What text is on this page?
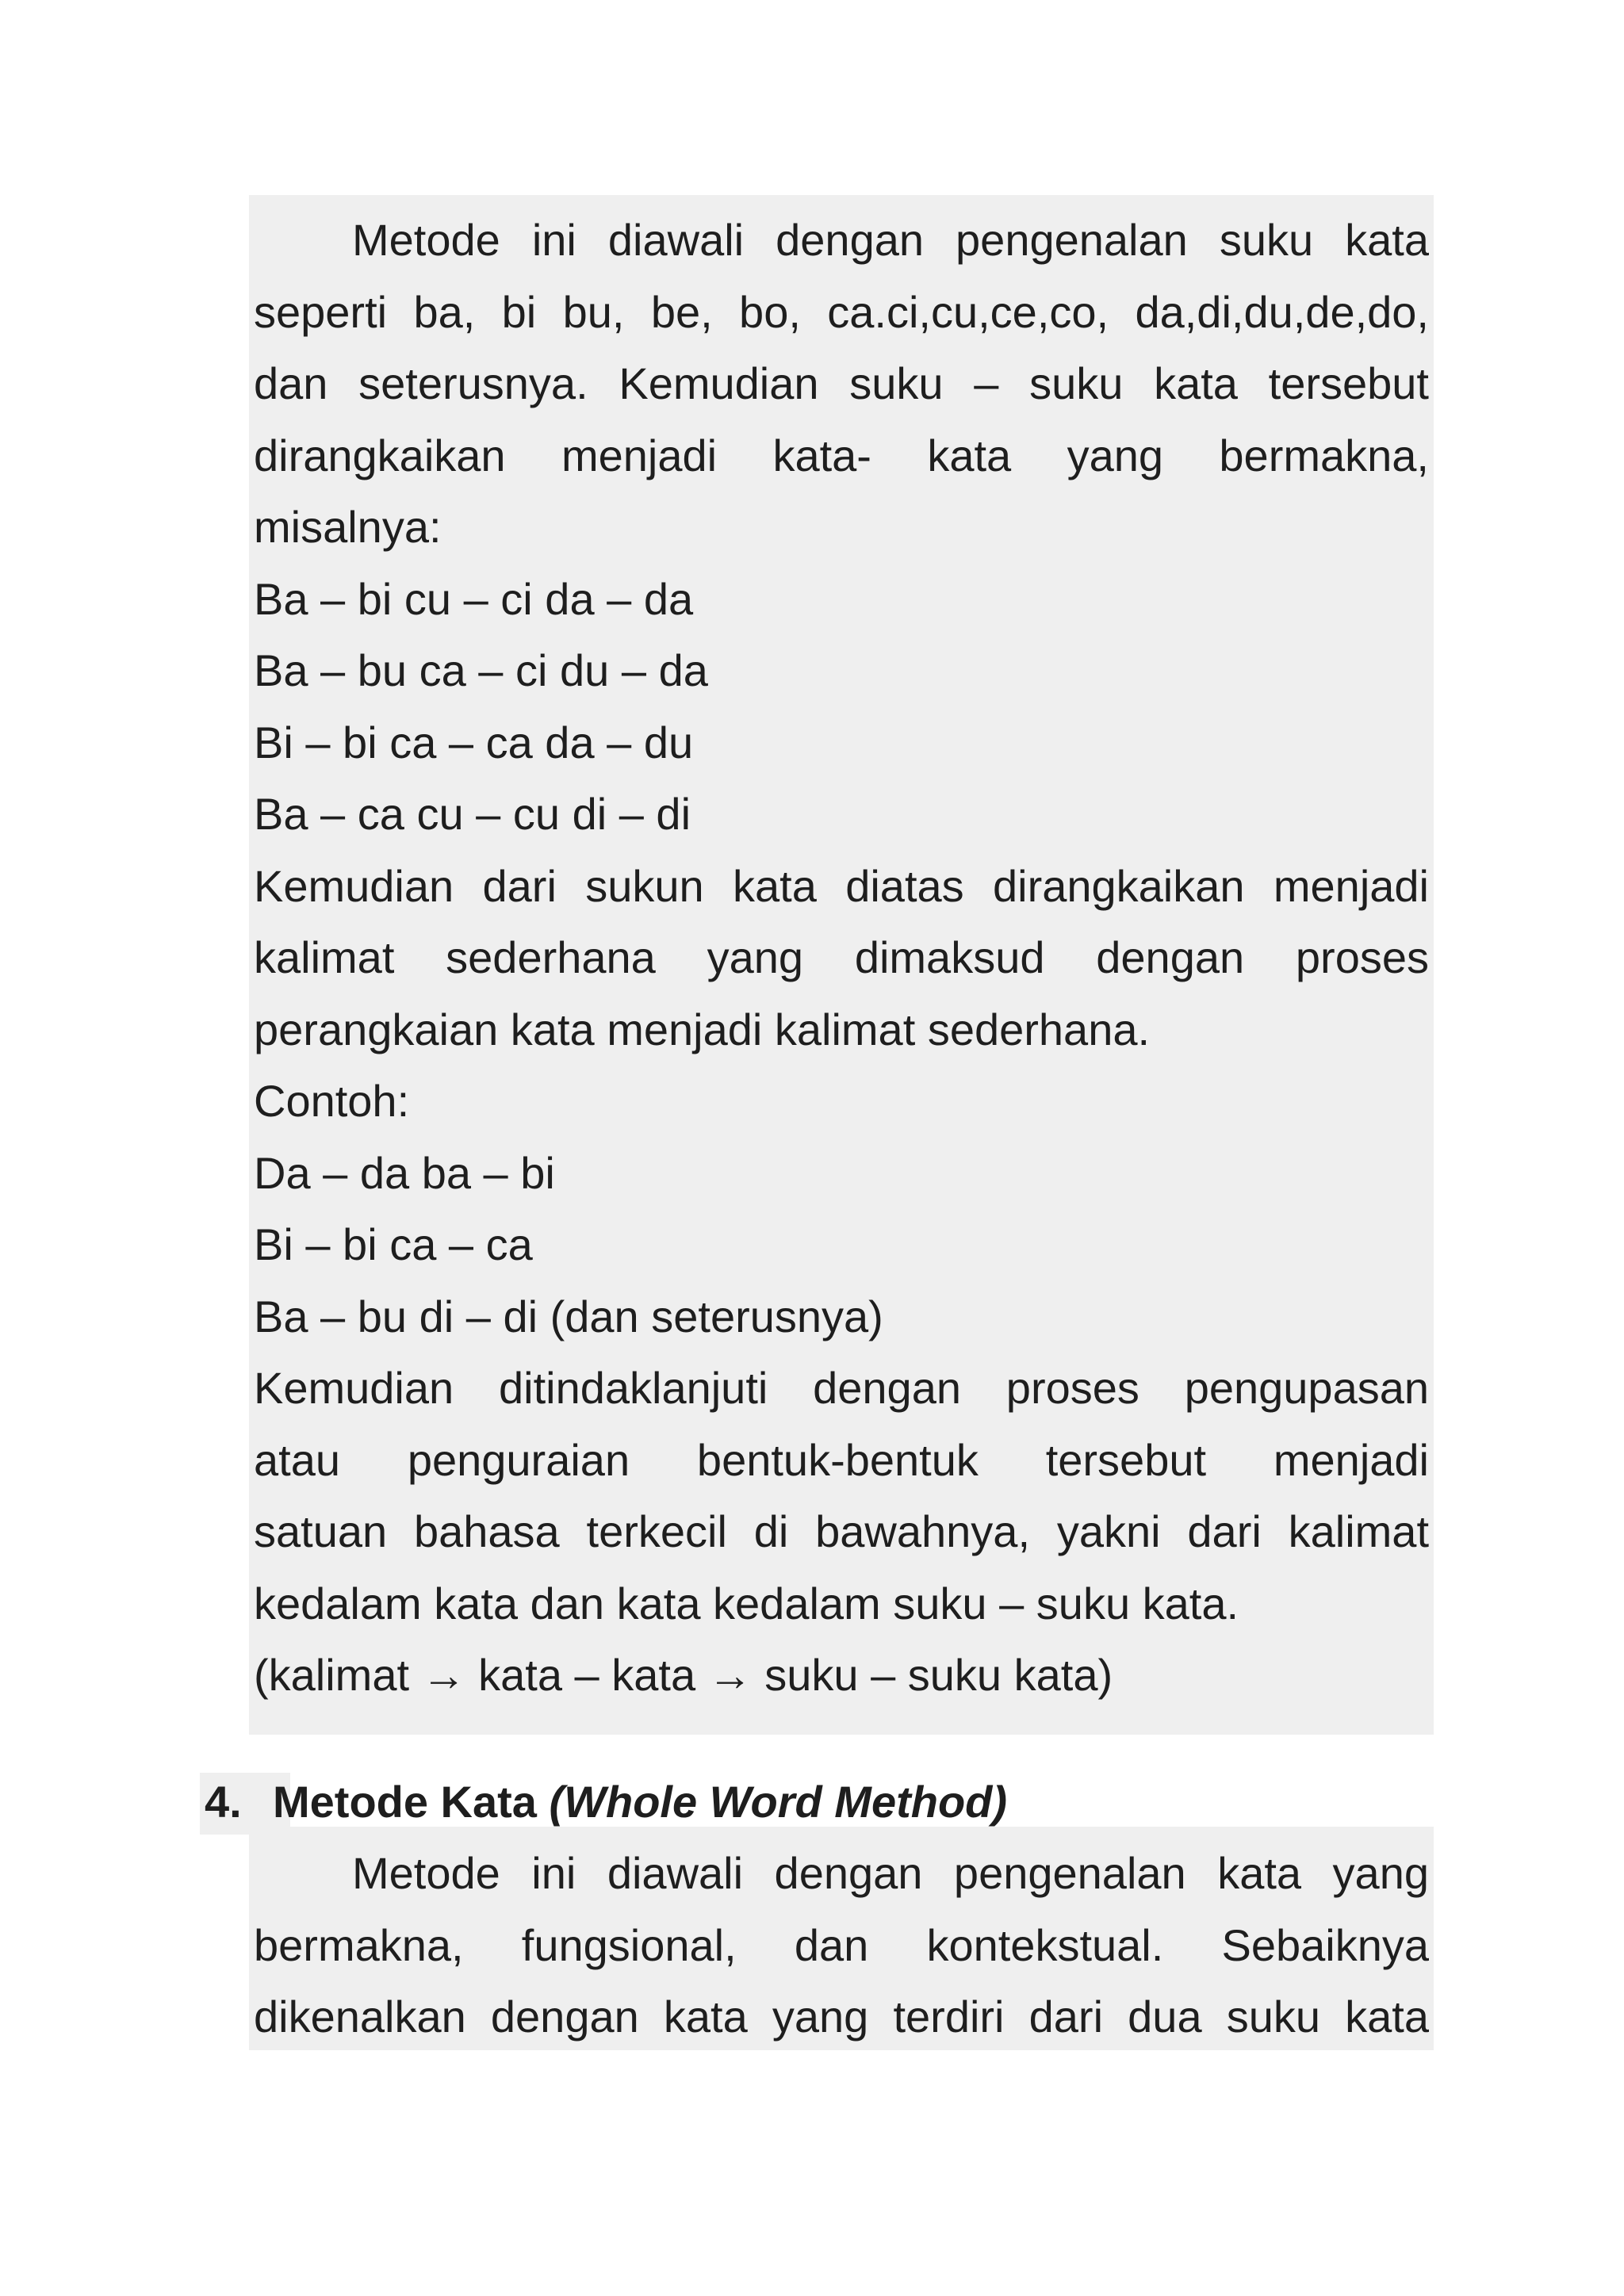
Metode ini diawali dengan pengenalan suku kata
seperti ba, bi bu, be, bo, ca.ci,cu,ce,co, da,di,du,de,do,
dan seterusnya. Kemudian suku – suku kata tersebut
dirangkaikan menjadi kata- kata yang bermakna,
misalnya:
Ba – bi cu – ci da – da
Ba – bu ca – ci du – da
Bi – bi ca – ca da – du
Ba – ca cu – cu di – di
Kemudian dari sukun kata diatas dirangkaikan menjadi
kalimat sederhana yang dimaksud dengan proses
perangkaian kata menjadi kalimat sederhana.
Contoh:
Da – da ba – bi
Bi – bi ca – ca
Ba – bu di – di (dan seterusnya)
Kemudian ditindaklanjuti dengan proses pengupasan
atau penguraian bentuk-bentuk tersebut menjadi
satuan bahasa terkecil di bawahnya, yakni dari kalimat
kedalam kata dan kata kedalam suku – suku kata.
(kalimat → kata – kata → suku – suku kata)
4. Metode Kata (Whole Word Method)
Metode ini diawali dengan pengenalan kata yang
bermakna, fungsional, dan kontekstual. Sebaiknya
dikenalkan dengan kata yang terdiri dari dua suku kata
